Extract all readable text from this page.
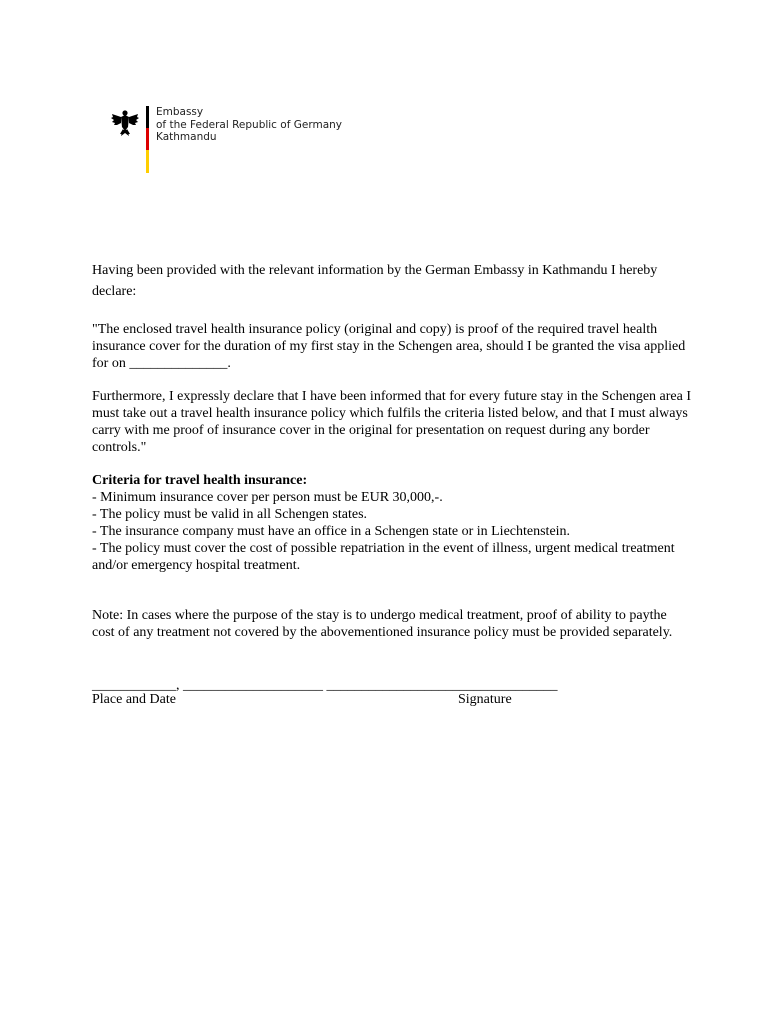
Embassy
of the Federal Republic of Germany
Kathmandu
Having been provided with the relevant information by the German Embassy in Kathmandu I hereby declare:
"The enclosed travel health insurance policy (original and copy) is proof of the required travel health insurance cover for the duration of my first stay in the Schengen area, should I be granted the visa applied for on ______________.
Furthermore, I expressly declare that I have been informed that for every future stay in the Schengen area I must take out a travel health insurance policy which fulfils the criteria listed below, and that I must always carry with me proof of insurance cover in the original for presentation on request during any border controls."
Criteria for travel health insurance:
- Minimum insurance cover per person must be EUR 30,000,-.
- The policy must be valid in all Schengen states.
- The insurance company must have an office in a Schengen state or in Liechtenstein.
- The policy must cover the cost of possible repatriation in the event of illness, urgent medical treatment and/or emergency hospital treatment.
Note: In cases where the purpose of the stay is to undergo medical treatment, proof of ability to paythe cost of any treatment not covered by the abovementioned insurance policy must be provided separately.
____________, ____________________ _________________________________
Place and Date	Signature
